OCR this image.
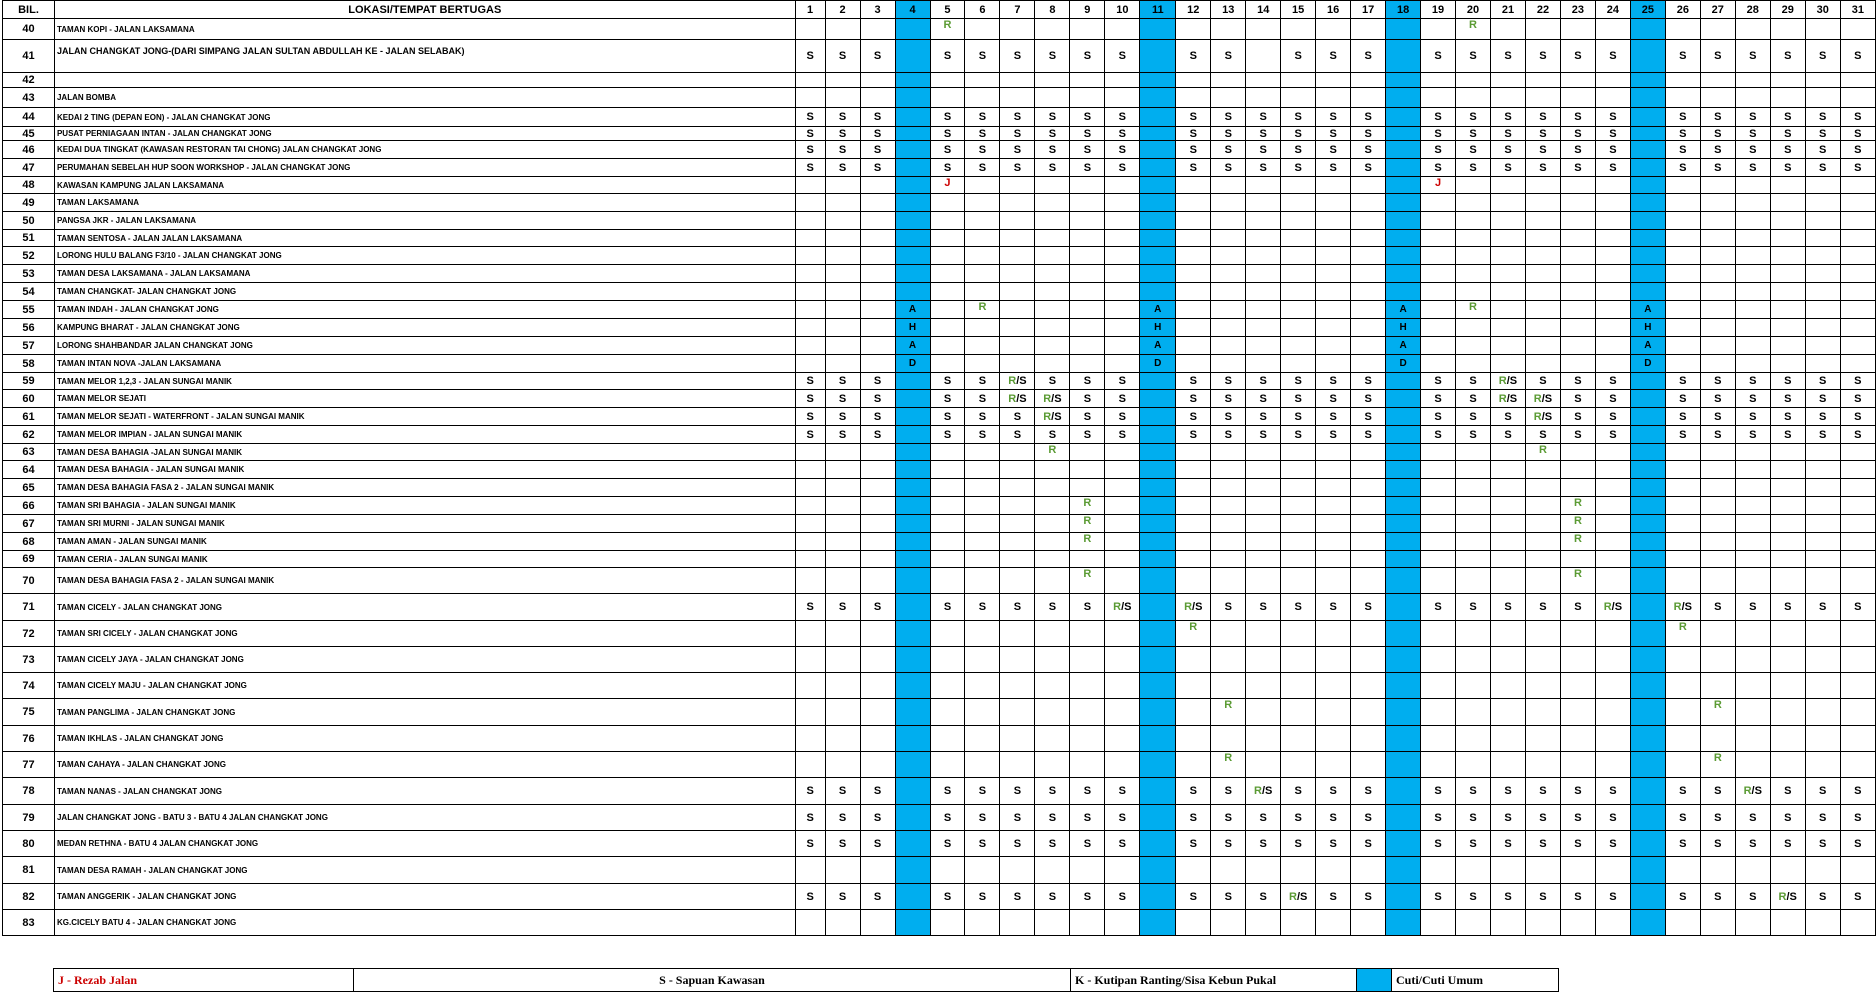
BIL.	LOKASI/TEMPAT BERTUGAS	1	2	3	4	5	6	7	8	9	10	11	12	13	14	15	16	17	18	19	20	21	22	23	24	25	26	27	28	29	30	31
40	TAMAN KOPI - JALAN LAKSAMANA					R															R											
41	JALAN CHANGKAT JONG-(DARI SIMPANG JALAN SULTAN ABDULLAH KE - JALAN SELABAK)	S	S	S		S	S	S	S	S	S		S	S		S	S	S		S	S	S	S	S	S		S	S	S	S	S	S
42																																
43	JALAN BOMBA																															
44	KEDAI 2 TING (DEPAN EON) - JALAN CHANGKAT JONG	S	S	S		S	S	S	S	S	S		S	S	S	S	S	S		S	S	S	S	S	S		S	S	S	S	S	S
45	PUSAT PERNIAGAAN INTAN - JALAN CHANGKAT JONG	S	S	S		S	S	S	S	S	S		S	S	S	S	S	S		S	S	S	S	S	S		S	S	S	S	S	S
46	KEDAI DUA TINGKAT (KAWASAN RESTORAN TAI CHONG) JALAN CHANGKAT JONG	S	S	S		S	S	S	S	S	S		S	S	S	S	S	S		S	S	S	S	S	S		S	S	S	S	S	S
47	PERUMAHAN SEBELAH HUP SOON WORKSHOP - JALAN CHANGKAT JONG	S	S	S		S	S	S	S	S	S		S	S	S	S	S	S		S	S	S	S	S	S		S	S	S	S	S	S
48	KAWASAN KAMPUNG JALAN LAKSAMANA					J														J												
49	TAMAN LAKSAMANA																															
50	PANGSA JKR - JALAN LAKSAMANA																															
51	TAMAN SENTOSA - JALAN JALAN LAKSAMANA																															
52	LORONG HULU BALANG F3/10 - JALAN CHANGKAT JONG																															
53	TAMAN DESA LAKSAMANA - JALAN LAKSAMANA																															
54	TAMAN CHANGKAT- JALAN CHANGKAT JONG																															
55	TAMAN INDAH - JALAN CHANGKAT JONG				A		R					A							A		R					A						
56	KAMPUNG BHARAT - JALAN CHANGKAT JONG				H							H							H							H						
57	LORONG SHAHBANDAR JALAN CHANGKAT JONG				A							A							A							A						
58	TAMAN INTAN NOVA -JALAN LAKSAMANA				D							D							D							D						
59	TAMAN MELOR 1,2,3 - JALAN SUNGAI MANIK	S	S	S		S	S	R/S	S	S	S		S	S	S	S	S	S		S	S	R/S	S	S	S		S	S	S	S	S	S
60	TAMAN MELOR SEJATI	S	S	S		S	S	R/S	R/S	S	S		S	S	S	S	S	S		S	S	R/S	R/S	S	S		S	S	S	S	S	S
61	TAMAN MELOR SEJATI - WATERFRONT - JALAN SUNGAI MANIK	S	S	S		S	S	S	R/S	S	S		S	S	S	S	S	S		S	S	S	R/S	S	S		S	S	S	S	S	S
62	TAMAN MELOR IMPIAN - JALAN SUNGAI MANIK	S	S	S		S	S	S	S	S	S		S	S	S	S	S	S		S	S	S	S	S	S		S	S	S	S	S	S
63	TAMAN DESA BAHAGIA -JALAN SUNGAI MANIK								R														R									
64	TAMAN DESA BAHAGIA - JALAN SUNGAI MANIK																															
65	TAMAN DESA BAHAGIA FASA 2 - JALAN SUNGAI MANIK																															
66	TAMAN SRI BAHAGIA - JALAN SUNGAI MANIK									R														R								
67	TAMAN SRI MURNI - JALAN SUNGAI MANIK									R														R								
68	TAMAN AMAN - JALAN SUNGAI MANIK									R														R								
69	TAMAN CERIA - JALAN SUNGAI MANIK																															
70	TAMAN DESA BAHAGIA FASA 2 - JALAN SUNGAI MANIK									R														R								
71	TAMAN CICELY - JALAN CHANGKAT JONG	S	S	S		S	S	S	S	S	R/S		R/S	S	S	S	S	S		S	S	S	S	S	R/S		R/S	S	S	S	S	S
72	TAMAN SRI CICELY - JALAN CHANGKAT JONG												R														R					
73	TAMAN CICELY JAYA - JALAN CHANGKAT JONG																															
74	TAMAN CICELY MAJU - JALAN CHANGKAT JONG																															
75	TAMAN PANGLIMA - JALAN CHANGKAT JONG													R														R				
76	TAMAN IKHLAS - JALAN CHANGKAT JONG																															
77	TAMAN CAHAYA - JALAN CHANGKAT JONG													R														R				
78	TAMAN NANAS - JALAN CHANGKAT JONG	S	S	S		S	S	S	S	S	S		S	S	R/S	S	S	S		S	S	S	S	S	S		S	S	R/S	S	S	S
79	JALAN CHANGKAT JONG - BATU 3 - BATU 4 JALAN CHANGKAT JONG	S	S	S		S	S	S	S	S	S		S	S	S	S	S	S		S	S	S	S	S	S		S	S	S	S	S	S
80	MEDAN RETHNA - BATU 4 JALAN CHANGKAT JONG	S	S	S		S	S	S	S	S	S		S	S	S	S	S	S		S	S	S	S	S	S		S	S	S	S	S	S
81	TAMAN DESA RAMAH - JALAN CHANGKAT JONG																															
82	TAMAN ANGGERIK - JALAN CHANGKAT JONG	S	S	S		S	S	S	S	S	S		S	S	S	R/S	S	S		S	S	S	S	S	S		S	S	S	R/S	S	S
83	KG.CICELY BATU 4 - JALAN CHANGKAT JONG																															
J - Rezab Jalan	S - Sapuan Kawasan	K - Kutipan Ranting/Sisa Kebun Pukal		Cuti/Cuti Umum
